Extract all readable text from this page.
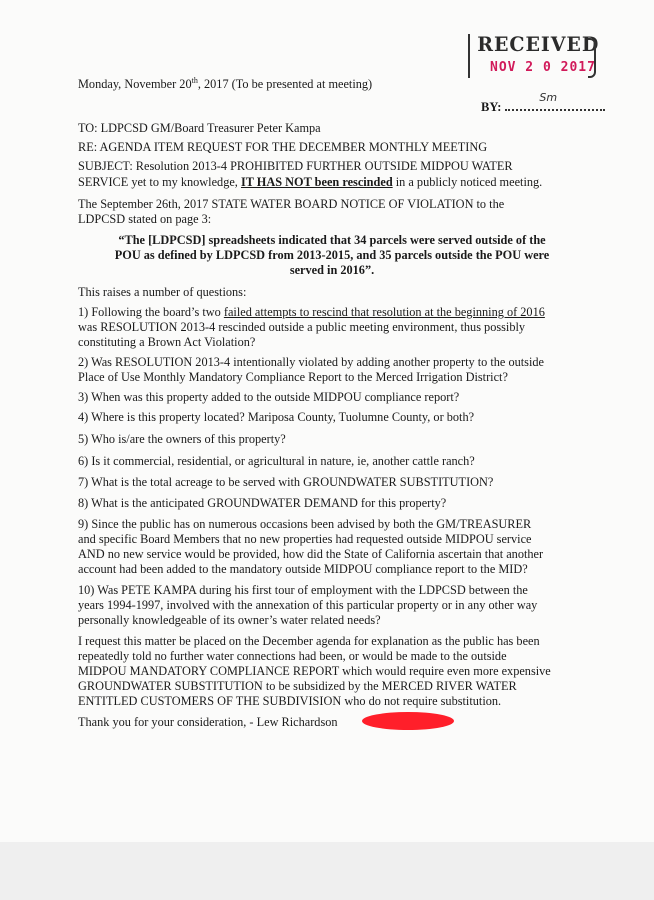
RECEIVED
NOV 2 0 2017
Monday, November 20th, 2017 (To be presented at meeting)
BY:
Sm
TO: LDPCSD GM/Board Treasurer Peter Kampa
RE: AGENDA ITEM REQUEST FOR THE DECEMBER MONTHLY MEETING
SUBJECT: Resolution 2013-4 PROHIBITED FURTHER OUTSIDE MIDPOU WATER
SERVICE yet to my knowledge, IT HAS NOT been rescinded in a publicly noticed meeting.
The September 26th, 2017 STATE WATER BOARD NOTICE OF VIOLATION to the
LDPCSD stated on page 3:
“The [LDPCSD] spreadsheets indicated that 34 parcels were served outside of the
POU as defined by LDPCSD from 2013-2015, and 35 parcels outside the POU were
served in 2016”.
This raises a number of questions:
1) Following the board’s two failed attempts to rescind that resolution at the beginning of 2016
was RESOLUTION 2013-4 rescinded outside a public meeting environment, thus possibly
constituting a Brown Act Violation?
2) Was RESOLUTION 2013-4 intentionally violated by adding another property to the outside
Place of Use Monthly Mandatory Compliance Report to the Merced Irrigation District?
3) When was this property added to the outside MIDPOU compliance report?
4) Where is this property located? Mariposa County, Tuolumne County, or both?
5) Who is/are the owners of this property?
6) Is it commercial, residential, or agricultural in nature, ie, another cattle ranch?
7) What is the total acreage to be served with GROUNDWATER SUBSTITUTION?
8) What is the anticipated GROUNDWATER DEMAND for this property?
9) Since the public has on numerous occasions been advised by both the GM/TREASURER
and specific Board Members that no new properties had requested outside MIDPOU service
AND no new service would be provided, how did the State of California ascertain that another
account had been added to the mandatory outside MIDPOU compliance report to the MID?
10) Was PETE KAMPA during his first tour of employment with the LDPCSD between the
years 1994-1997, involved with the annexation of this particular property or in any other way
personally knowledgeable of its owner’s water related needs?
I request this matter be placed on the December agenda for explanation as the public has been
repeatedly told no further water connections had been, or would be made to the outside
MIDPOU MANDATORY COMPLIANCE REPORT which would require even more expensive
GROUNDWATER SUBSTITUTION to be subsidized by the MERCED RIVER WATER
ENTITLED CUSTOMERS OF THE SUBDIVISION who do not require substitution.
Thank you for your consideration, - Lew Richardson
